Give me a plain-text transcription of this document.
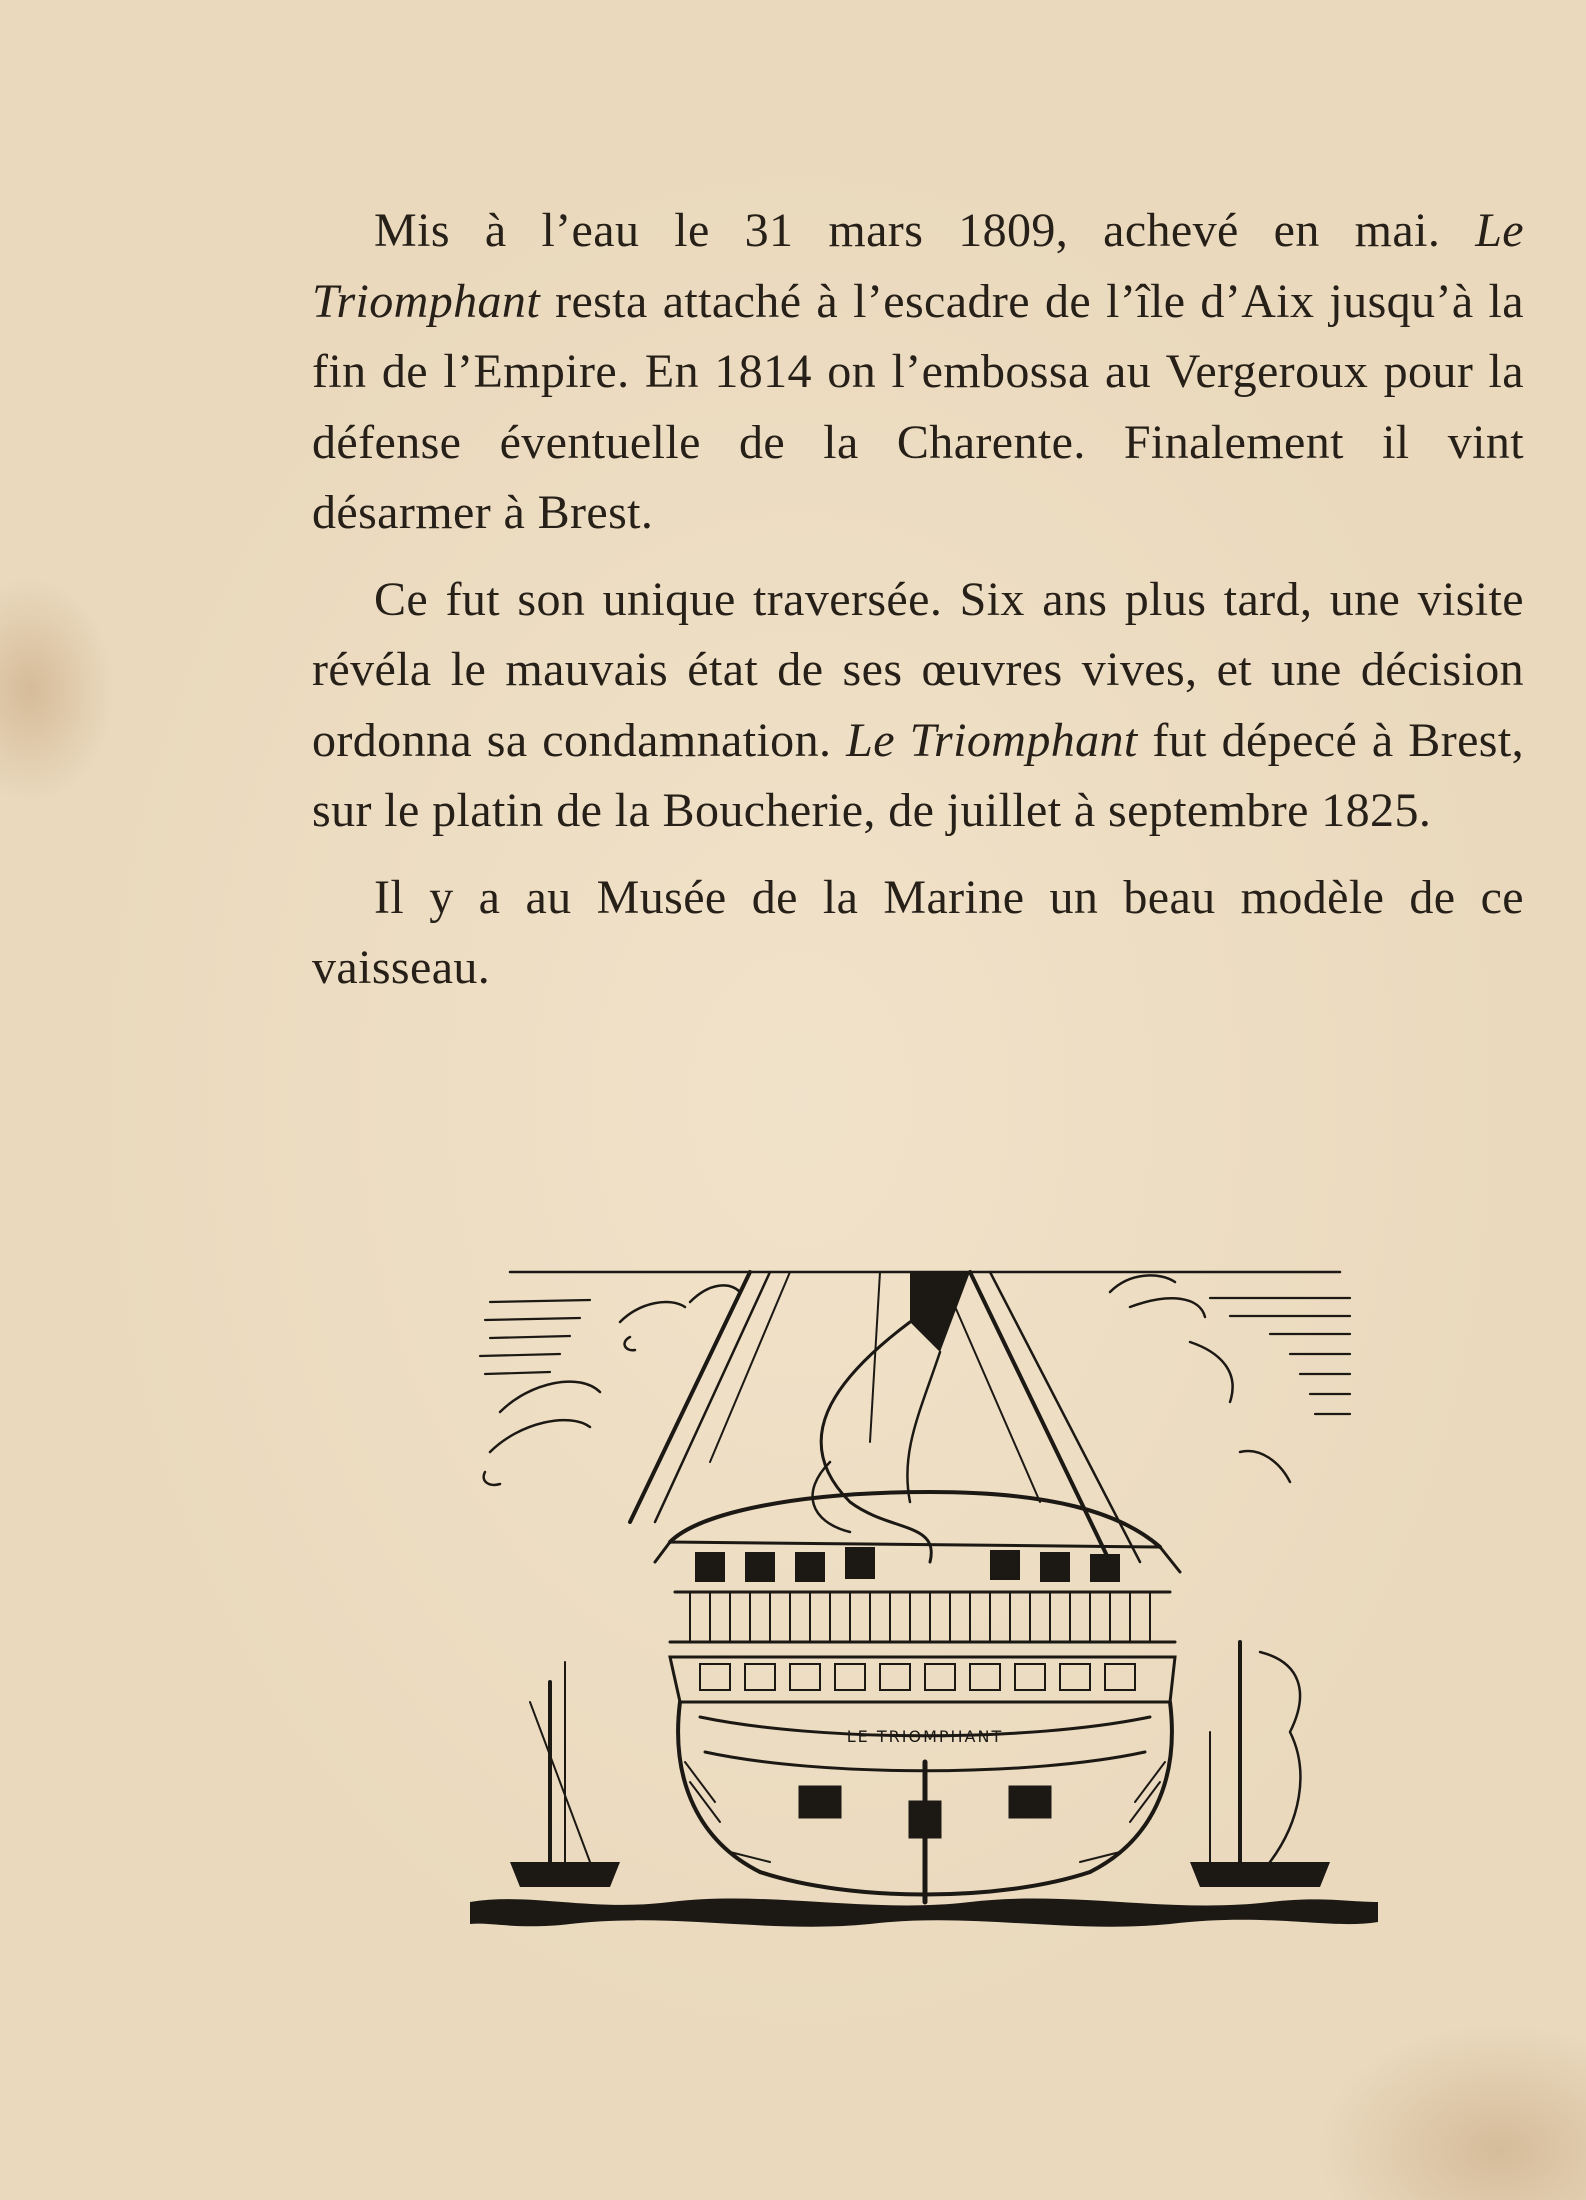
Mis à l’eau le 31 mars 1809, achevé en mai. Le Triomphant resta attaché à l’escadre de l’île d’Aix jusqu’à la fin de l’Empire. En 1814 on l’embossa au Vergeroux pour la défense éventuelle de la Charente. Finalement il vint désarmer à Brest.

Ce fut son unique traversée. Six ans plus tard, une visite révéla le mauvais état de ses œuvres vives, et une décision ordonna sa condamnation. Le Triomphant fut dépecé à Brest, sur le platin de la Boucherie, de juillet à septembre 1825.

Il y a au Musée de la Marine un beau modèle de ce vaisseau.

LE TRIOMPHANT
